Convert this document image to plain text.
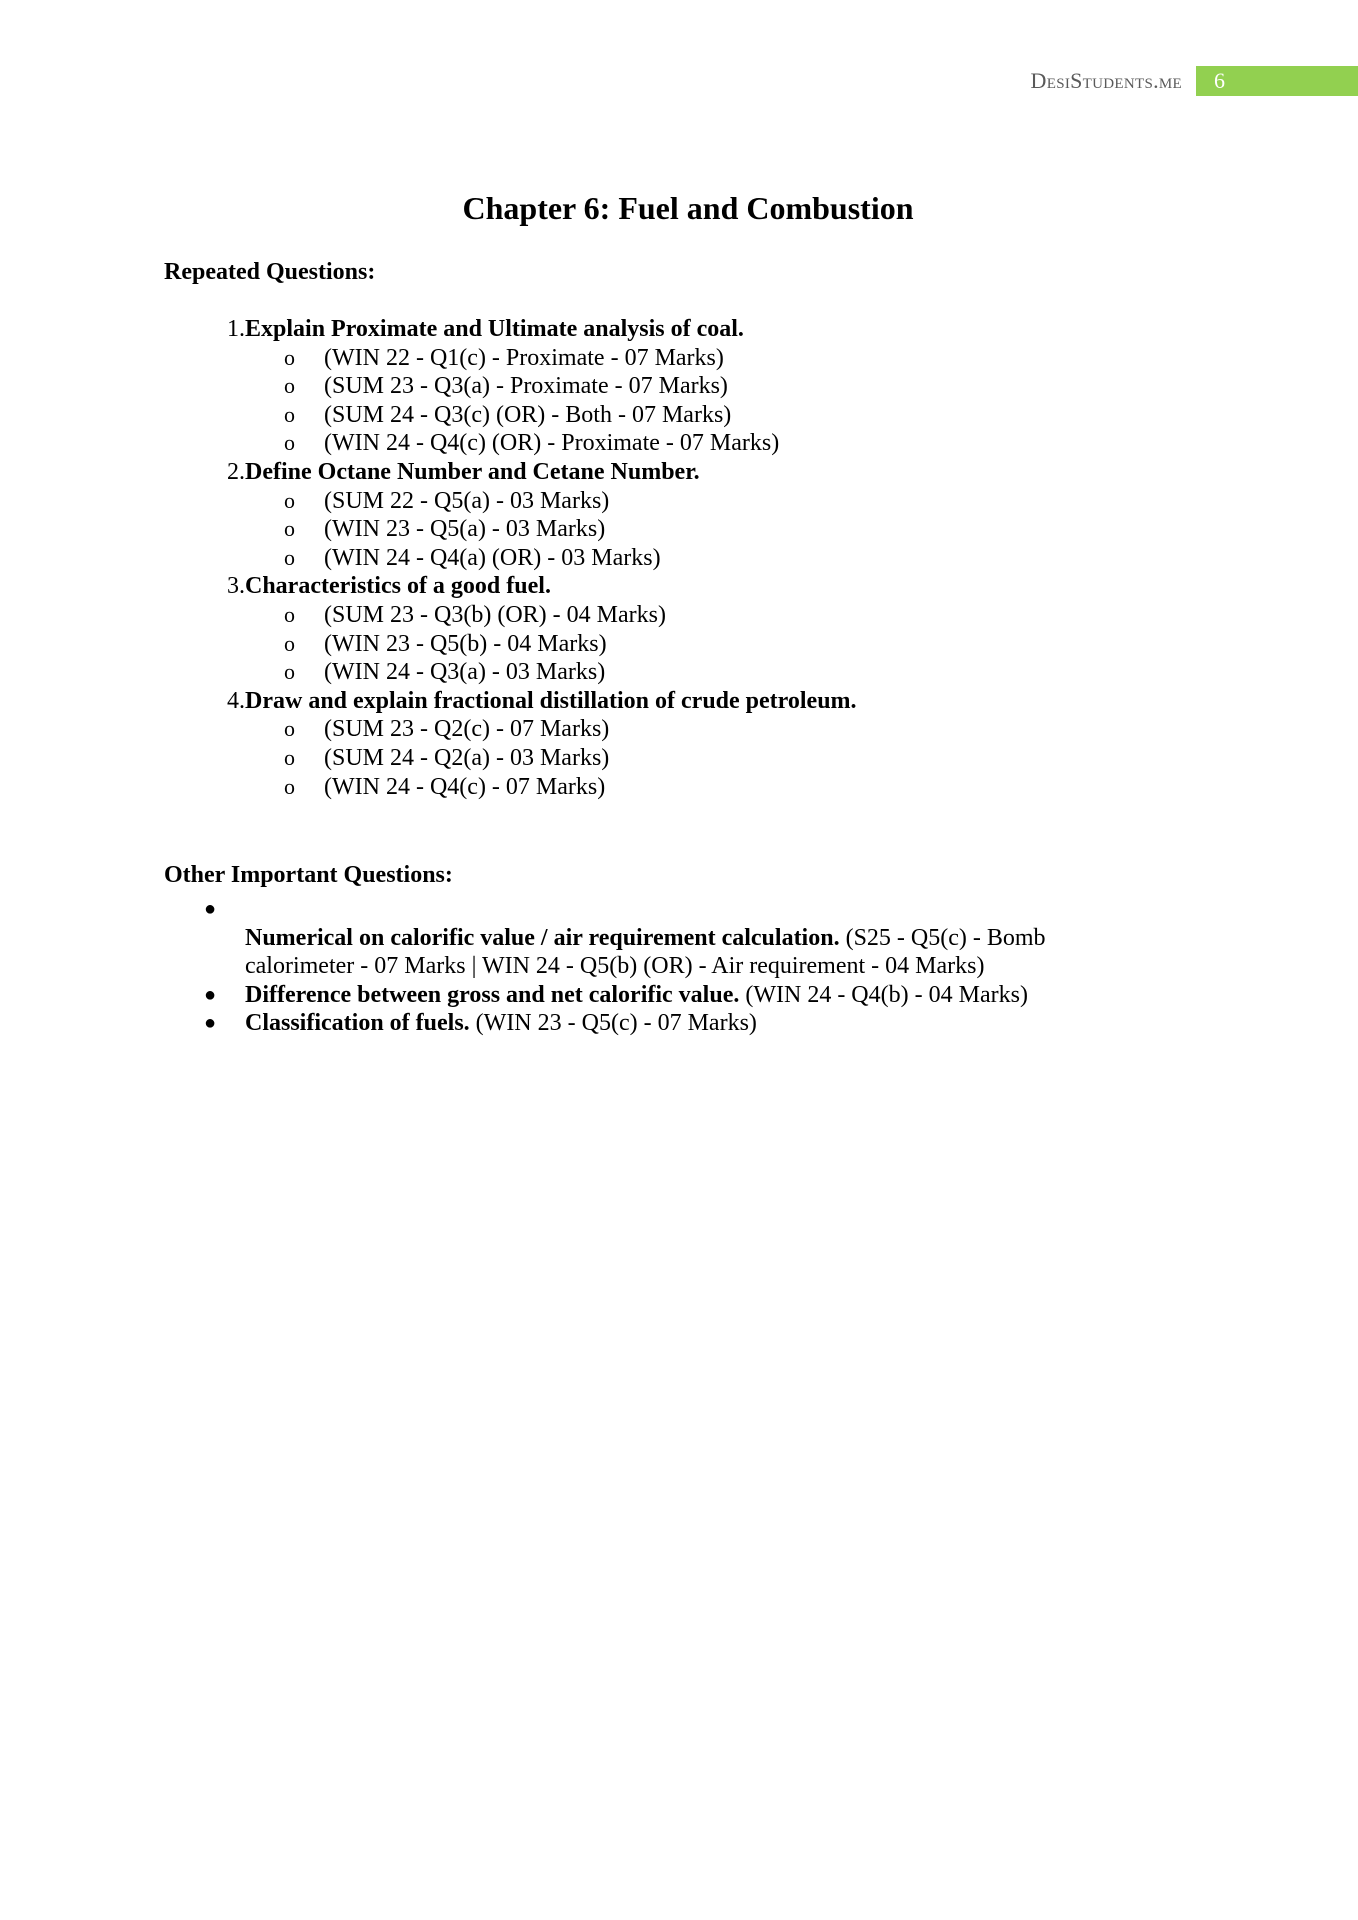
DesiStudents.me 6
Chapter 6: Fuel and Combustion
Repeated Questions:
1. Explain Proximate and Ultimate analysis of coal.
o	(WIN 22 - Q1(c) - Proximate - 07 Marks)
o	(SUM 23 - Q3(a) - Proximate - 07 Marks)
o	(SUM 24 - Q3(c) (OR) - Both - 07 Marks)
o	(WIN 24 - Q4(c) (OR) - Proximate - 07 Marks)
2. Define Octane Number and Cetane Number.
o	(SUM 22 - Q5(a) - 03 Marks)
o	(WIN 23 - Q5(a) - 03 Marks)
o	(WIN 24 - Q4(a) (OR) - 03 Marks)
3. Characteristics of a good fuel.
o	(SUM 23 - Q3(b) (OR) - 04 Marks)
o	(WIN 23 - Q5(b) - 04 Marks)
o	(WIN 24 - Q3(a) - 03 Marks)
4. Draw and explain fractional distillation of crude petroleum.
o	(SUM 23 - Q2(c) - 07 Marks)
o	(SUM 24 - Q2(a) - 03 Marks)
o	(WIN 24 - Q4(c) - 07 Marks)
Other Important Questions:
●
Numerical on calorific value / air requirement calculation. (S25 - Q5(c) - Bomb calorimeter - 07 Marks | WIN 24 - Q5(b) (OR) - Air requirement - 04 Marks)
●	Difference between gross and net calorific value. (WIN 24 - Q4(b) - 04 Marks)
●	Classification of fuels. (WIN 23 - Q5(c) - 07 Marks)
